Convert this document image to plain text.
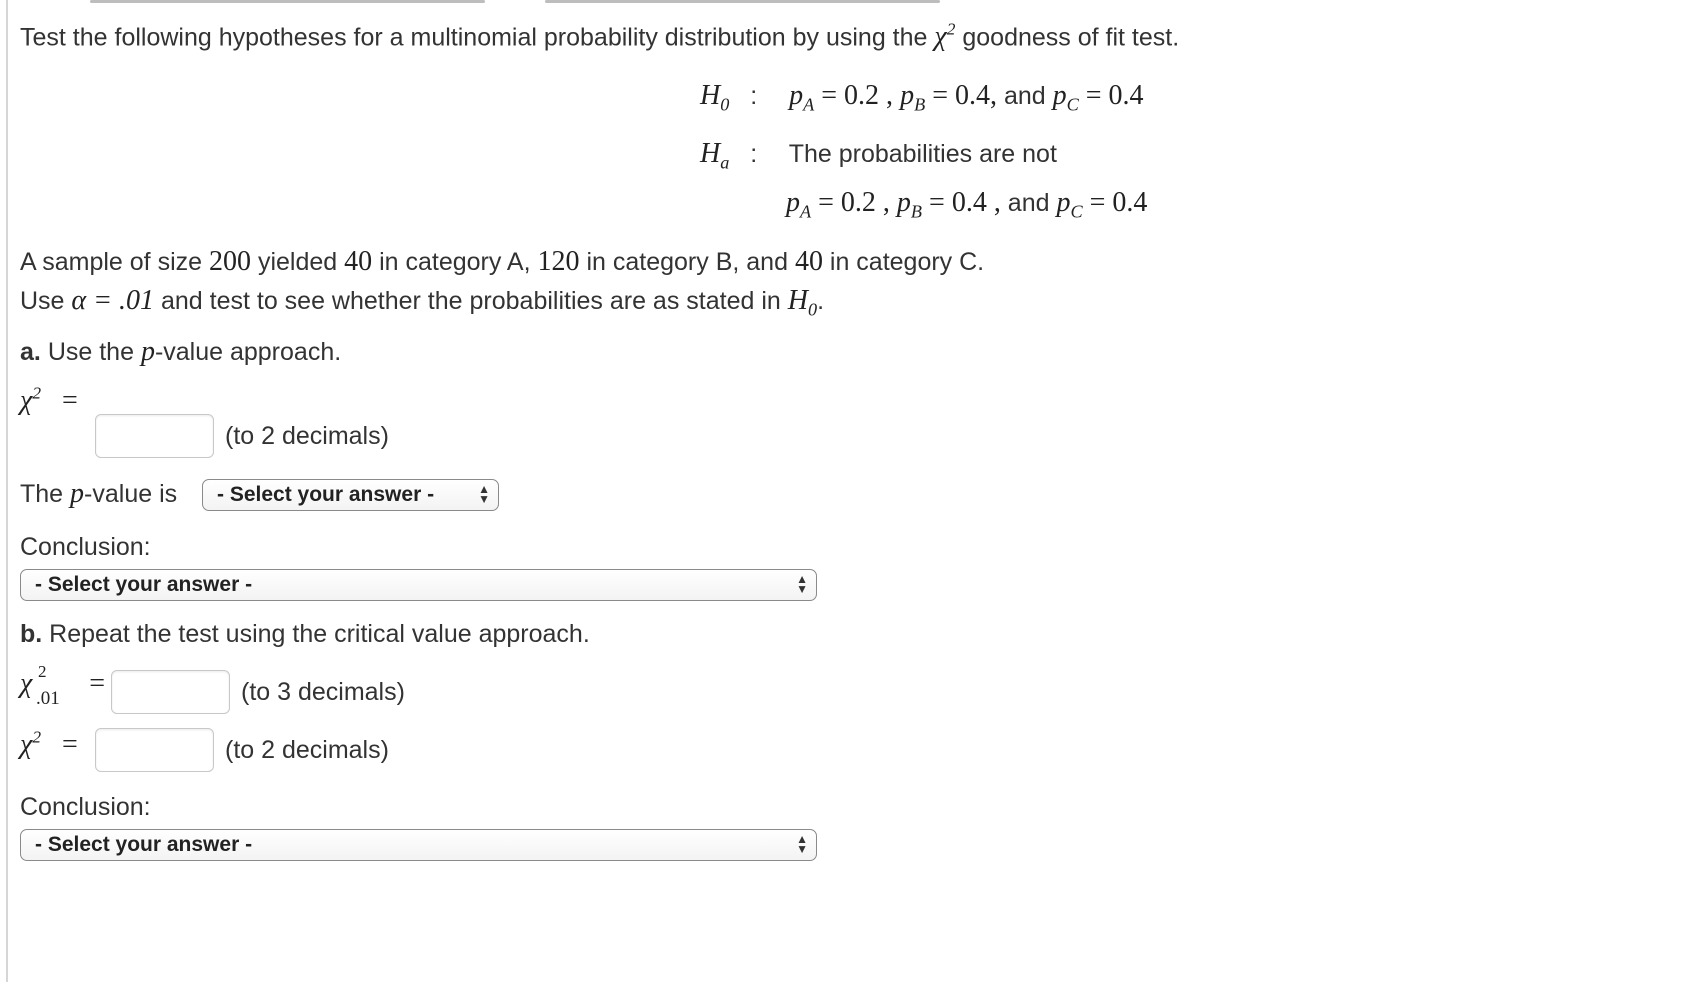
Test the following hypotheses for a multinomial probability distribution by using the $\chi^2$ goodness of fit test.
$H_0$ : $p_A = 0.2$ , $p_B = 0.4$, and $p_C = 0.4$
$H_a$ : The probabilities are not
$p_A = 0.2$ , $p_B = 0.4$ , and $p_C = 0.4$
A sample of size 200 yielded 40 in category A, 120 in category B, and 40 in category C.
Use α = .01 and test to see whether the probabilities are as stated in $H_0$.
a. Use the p-value approach.
$\chi^2$ =
(to 2 decimals)
The p-value is - Select your answer -	▲
▼
Conclusion:
- Select your answer -	▲
▼
b. Repeat the test using the critical value approach.
χ 2
.01 =	(to 3 decimals)
$\chi^2$ =	(to 2 decimals)
Conclusion:
- Select your answer -	▲
▼
